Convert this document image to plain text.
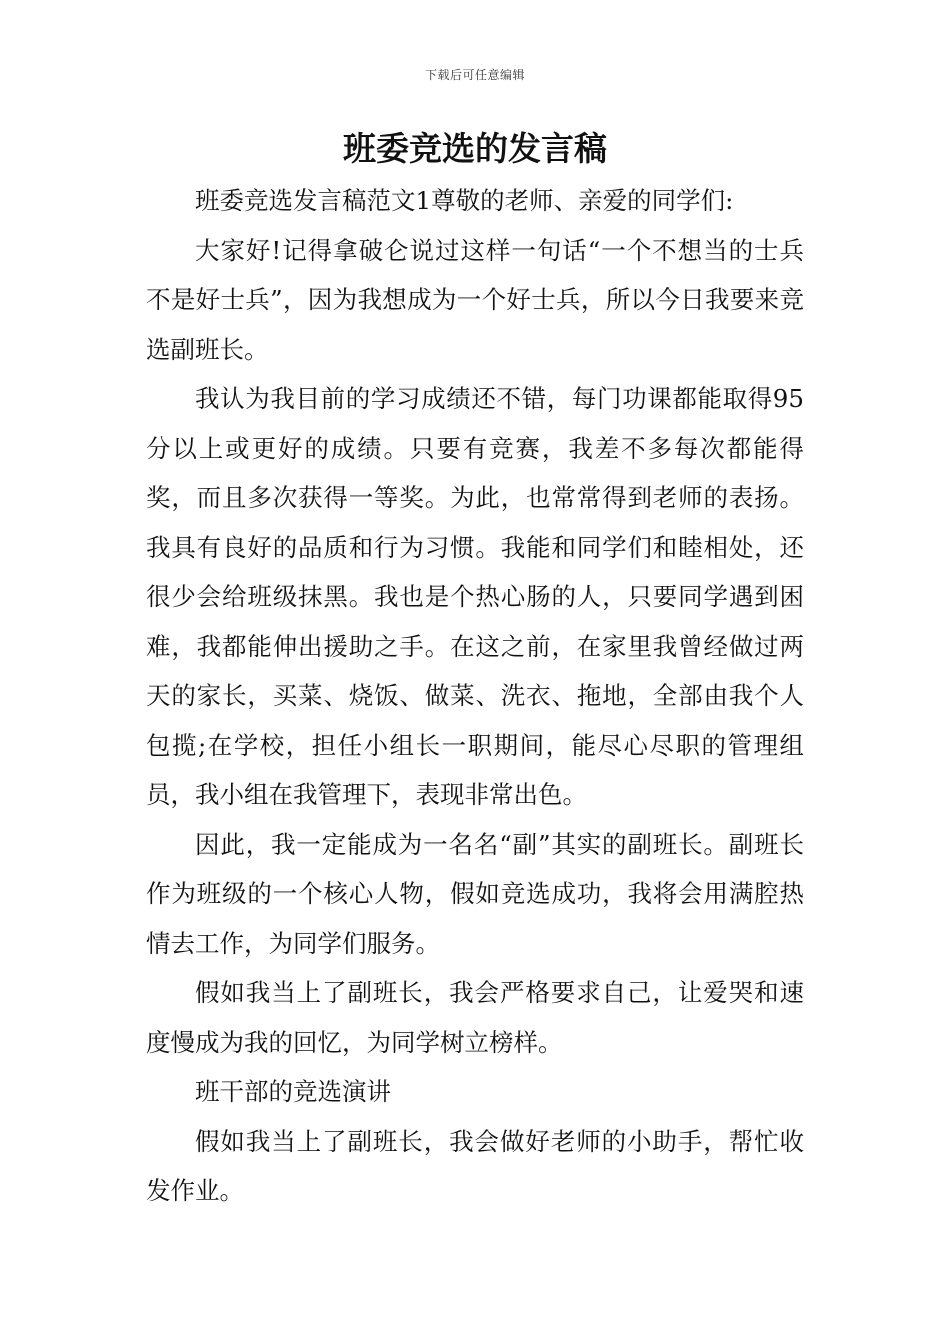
下载后可任意编辑
班委竞选的发言稿

班委竞选发言稿范文1尊敬的老师、亲爱的同学们:

大家好!记得拿破仑说过这样一句话“一个不想当的士兵不是好士兵”，因为我想成为一个好士兵，所以今日我要来竞选副班长。

我认为我目前的学习成绩还不错，每门功课都能取得95分以上或更好的成绩。只要有竞赛，我差不多每次都能得奖，而且多次获得一等奖。为此，也常常得到老师的表扬。我具有良好的品质和行为习惯。我能和同学们和睦相处，还很少会给班级抹黑。我也是个热心肠的人，只要同学遇到困难，我都能伸出援助之手。在这之前，在家里我曾经做过两天的家长，买菜、烧饭、做菜、洗衣、拖地，全部由我个人包揽;在学校，担任小组长一职期间，能尽心尽职的管理组员，我小组在我管理下，表现非常出色。

因此，我一定能成为一名名“副”其实的副班长。副班长作为班级的一个核心人物，假如竞选成功，我将会用满腔热情去工作，为同学们服务。

假如我当上了副班长，我会严格要求自己，让爱哭和速度慢成为我的回忆，为同学树立榜样。

班干部的竞选演讲

假如我当上了副班长，我会做好老师的小助手，帮忙收发作业。
